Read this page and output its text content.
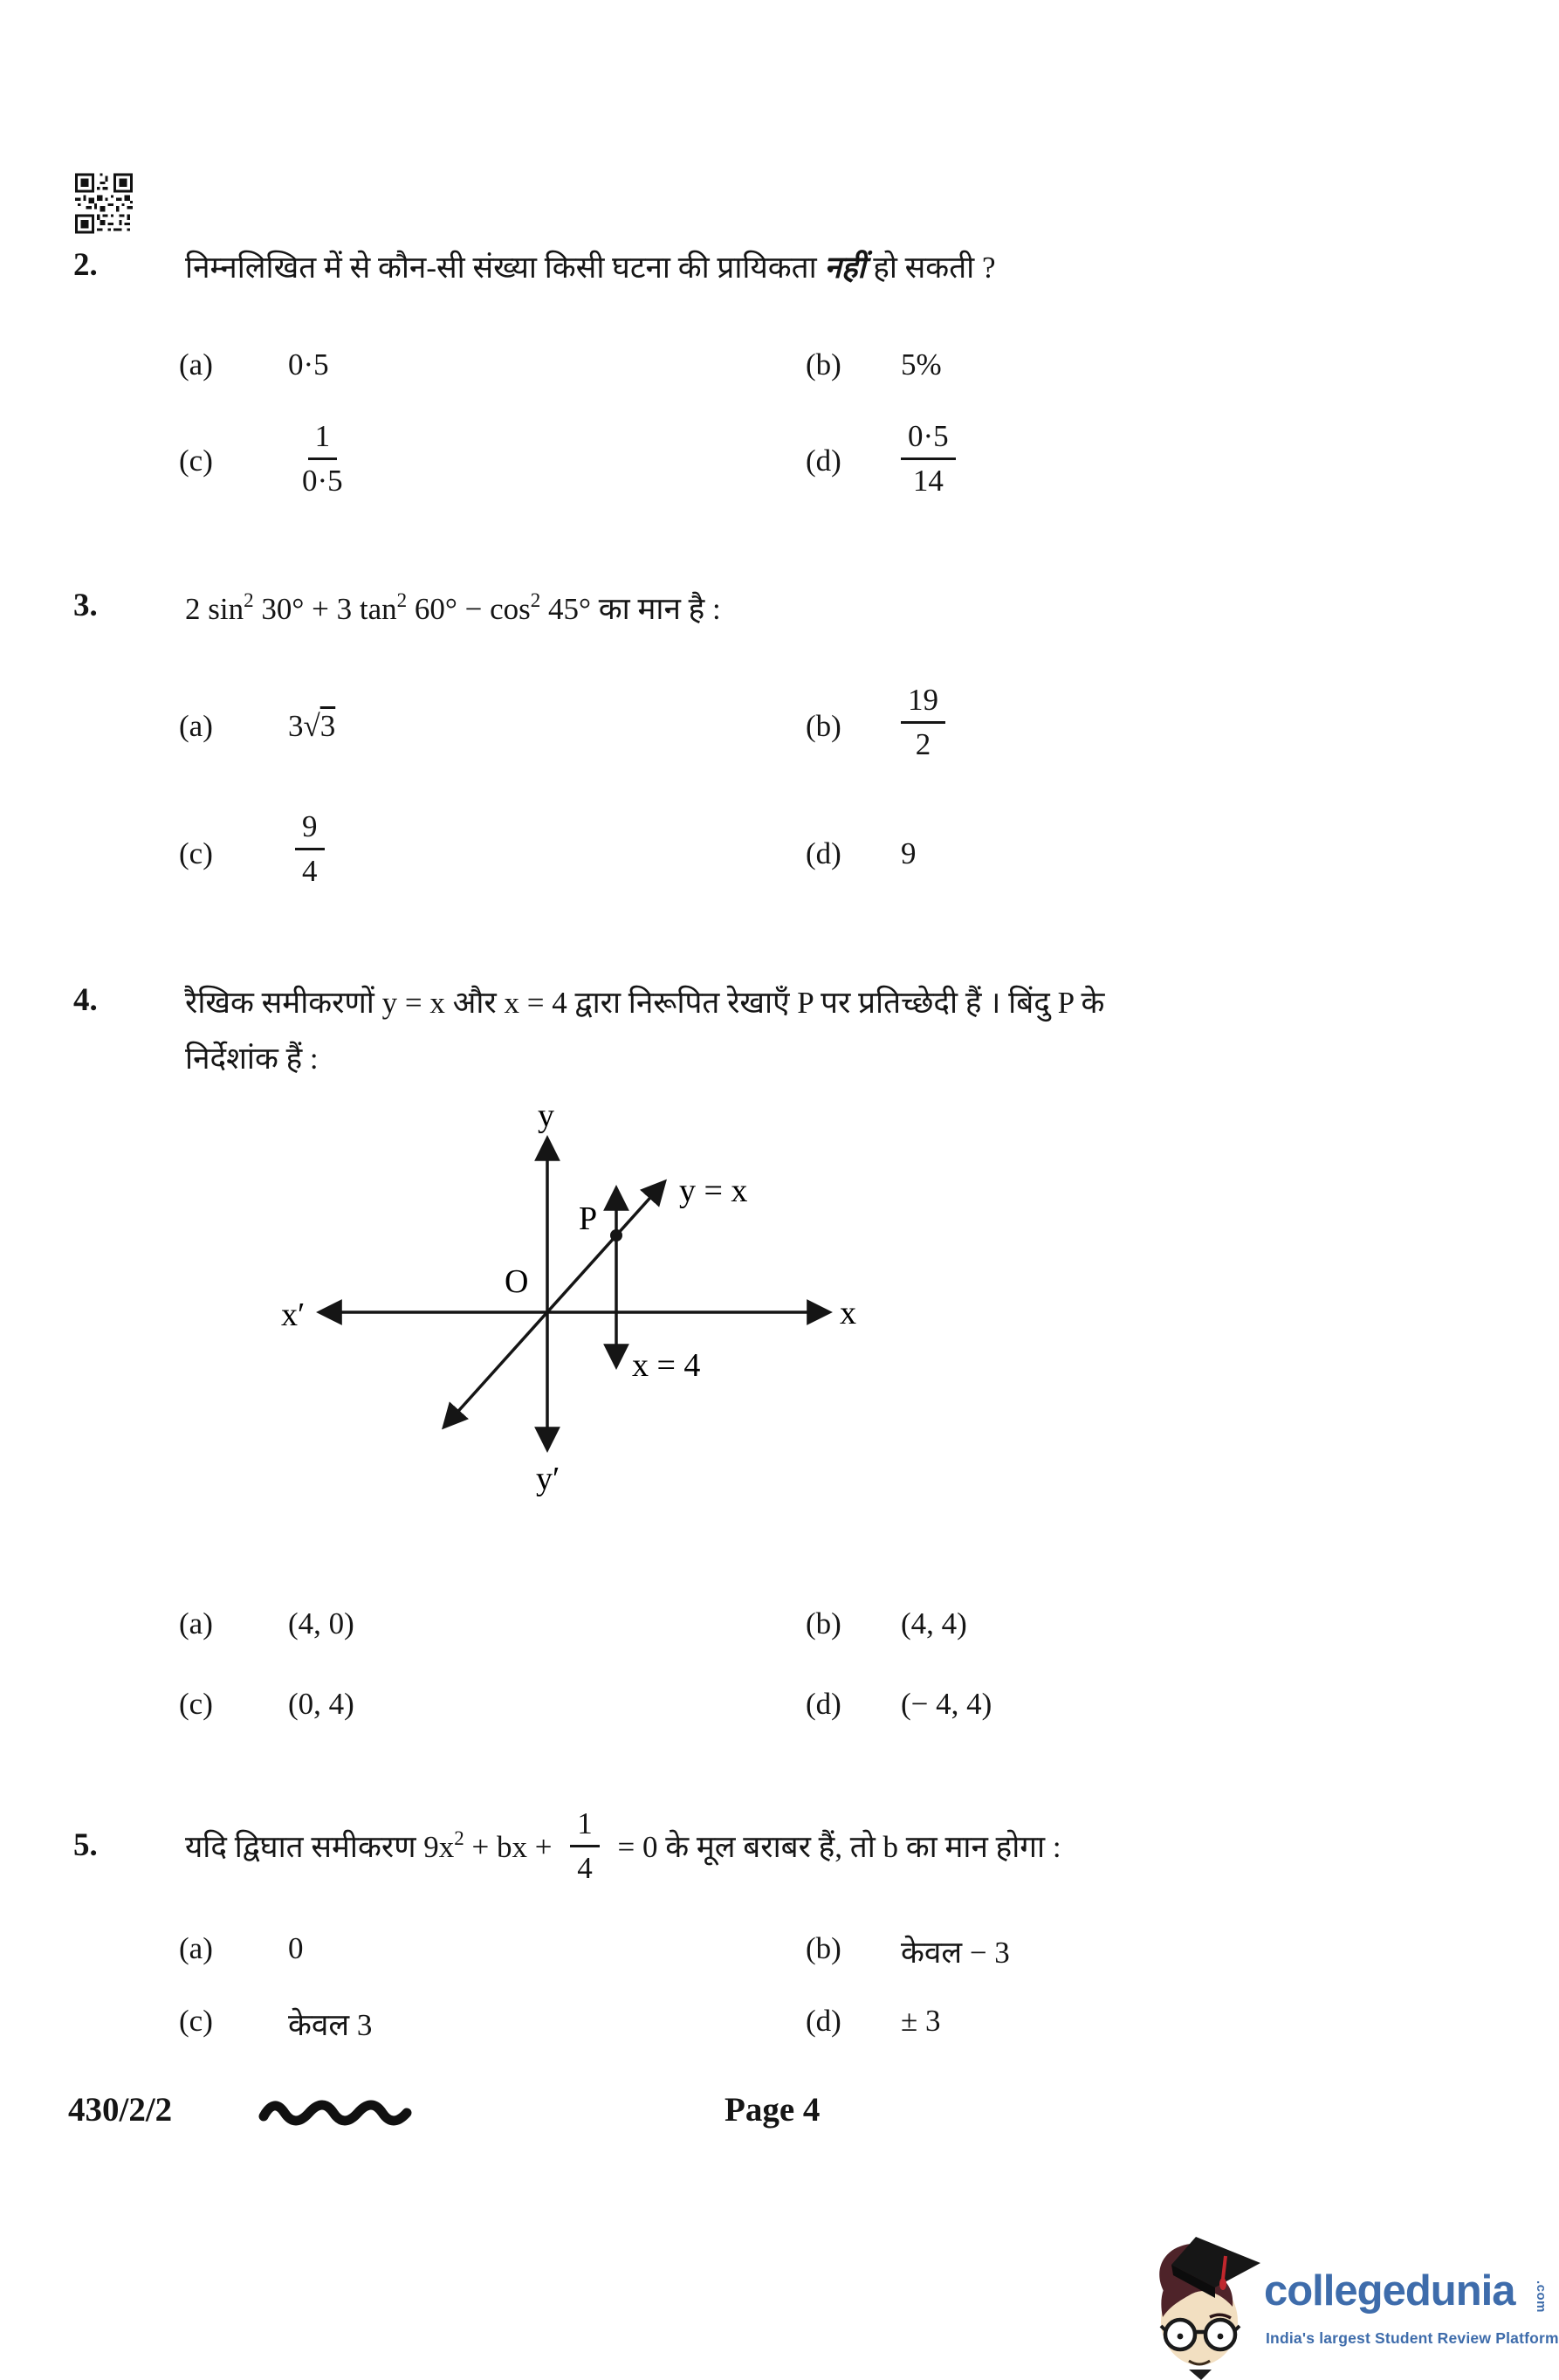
2.	निम्नलिखित में से कौन-सी संख्या किसी घटना की प्रायिकता नहीं हो सकती ?
(a) 0·5	(b) 5%
(c)	$\frac{1}{0\cdot 5}$	$(d) \frac{0\cdot 5}{14}$
3.	2 $\sin^2 30^\circ + 3$ $\tan^2 60^\circ - \cos^2 45^\circ$ का मान है :
(a) 3√3	$(b) \frac{19}{2}$
(c)	$\frac{9}{4}$	(d) 9
4.	रैखिक समीकरणों y = x और x = 4 द्वारा निरूपित रेखाएँ P पर प्रतिच्छेदी हैं । बिंदु P के
निर्देशांक हैं :
y
y′
x′	x
O
P
y = x
x = 4
(a) (4, 0)	(b) (4, 4)
(c) (0, 4)	(d) (− 4, 4)
5.	यदि द्विघात समीकरण $9x^2$ + bx + $\frac{1}{4} = 0$ के मूल बराबर हैं, तो b का मान होगा :
(a) 0	(b) केवल − 3
(c) केवल 3	(d) ± 3
430/2/2	Page 4
collegedunia .com
India's largest Student Review Platform
